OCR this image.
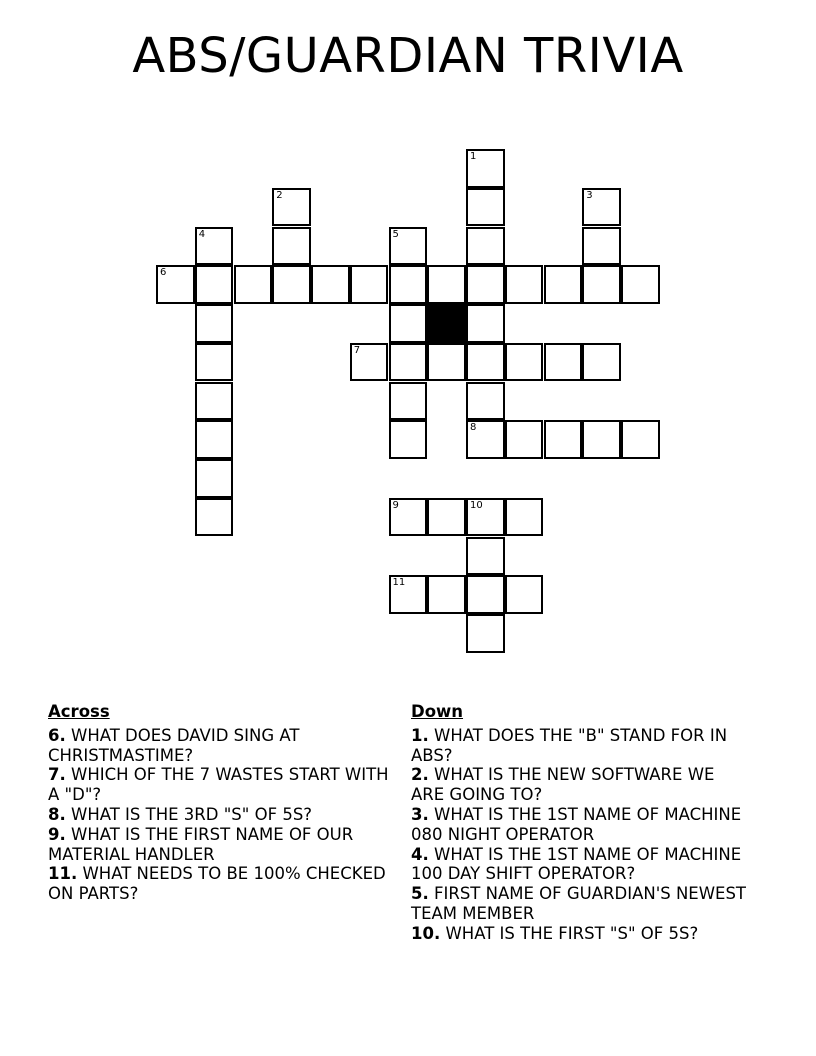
ABS/GUARDIAN TRIVIA
1
2	3
4	5
6
7
9	10
11
8
Across
6. WHAT DOES DAVID SING AT CHRISTMASTIME?
7. WHICH OF THE 7 WASTES START WITH A "D"?
8. WHAT IS THE 3RD "S" OF 5S?
9. WHAT IS THE FIRST NAME OF OUR MATERIAL HANDLER
11. WHAT NEEDS TO BE 100% CHECKED ON PARTS?
Down
1. WHAT DOES THE "B" STAND FOR IN ABS?
2. WHAT IS THE NEW SOFTWARE WE ARE GOING TO?
3. WHAT IS THE 1ST NAME OF MACHINE 080 NIGHT OPERATOR
4. WHAT IS THE 1ST NAME OF MACHINE 100 DAY SHIFT OPERATOR?
5. FIRST NAME OF GUARDIAN'S NEWEST TEAM MEMBER
10. WHAT IS THE FIRST "S" OF 5S?
